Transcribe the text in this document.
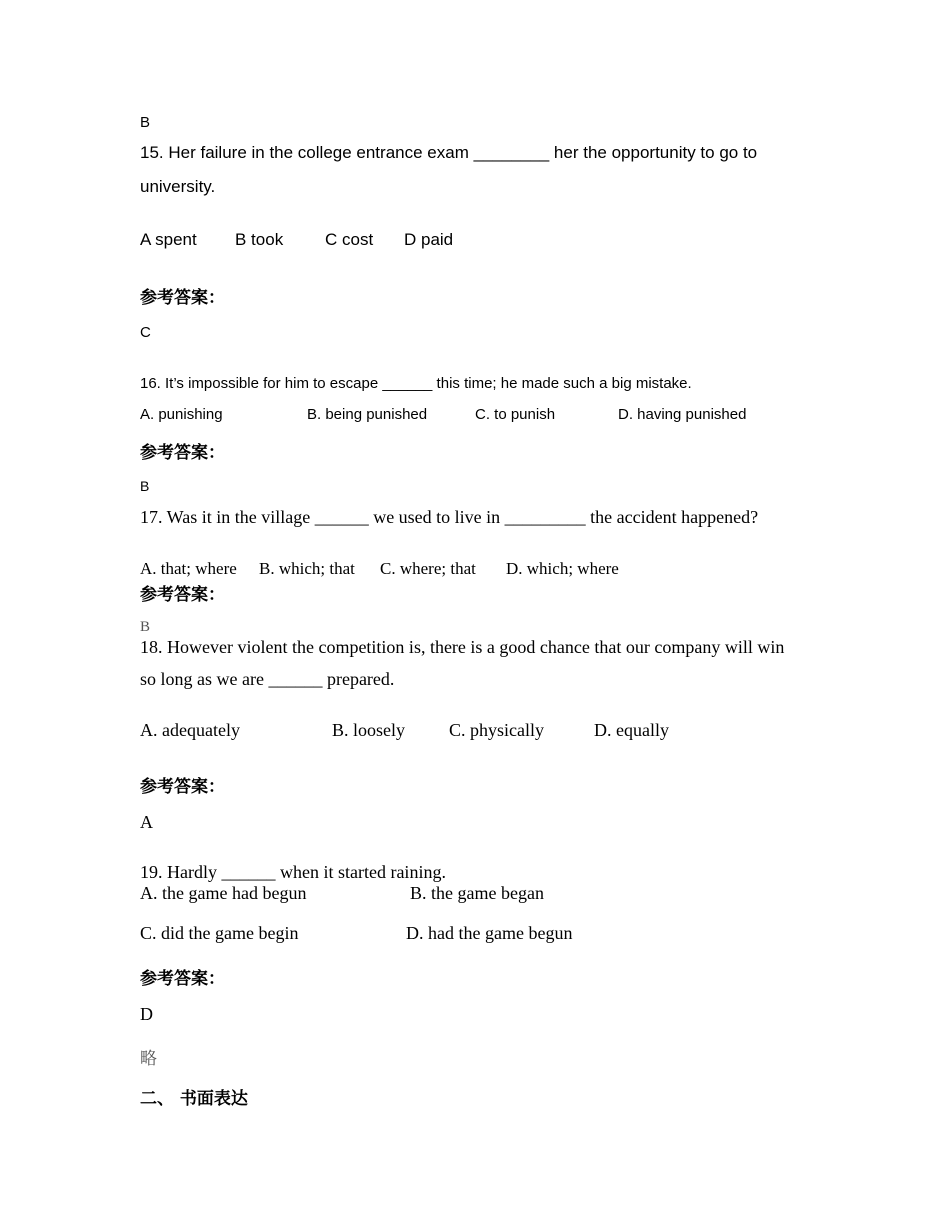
B
15. Her failure in the college entrance exam ________ her the opportunity to go to
university.
A spent B took C cost D paid
参考答案：
C
16. It’s impossible for him to escape ______ this time; he made such a big mistake.
A. punishing	B. being punished	C. to punish	D. having punished
参考答案：
B
17. Was it in the village ______ we used to live in _________ the accident happened?
A. that; where B. which; that C. where; that D. which; where
参考答案：
B
18. However violent the competition is, there is a good chance that our company will win
so long as we are ______ prepared.
A. adequately	B. loosely C. physically	D. equally
参考答案：
A
19. Hardly ______ when it started raining.
A. the game had begun	B. the game began
C. did the game begin	D. had the game begun
参考答案：
D
略
二、 书面表达
